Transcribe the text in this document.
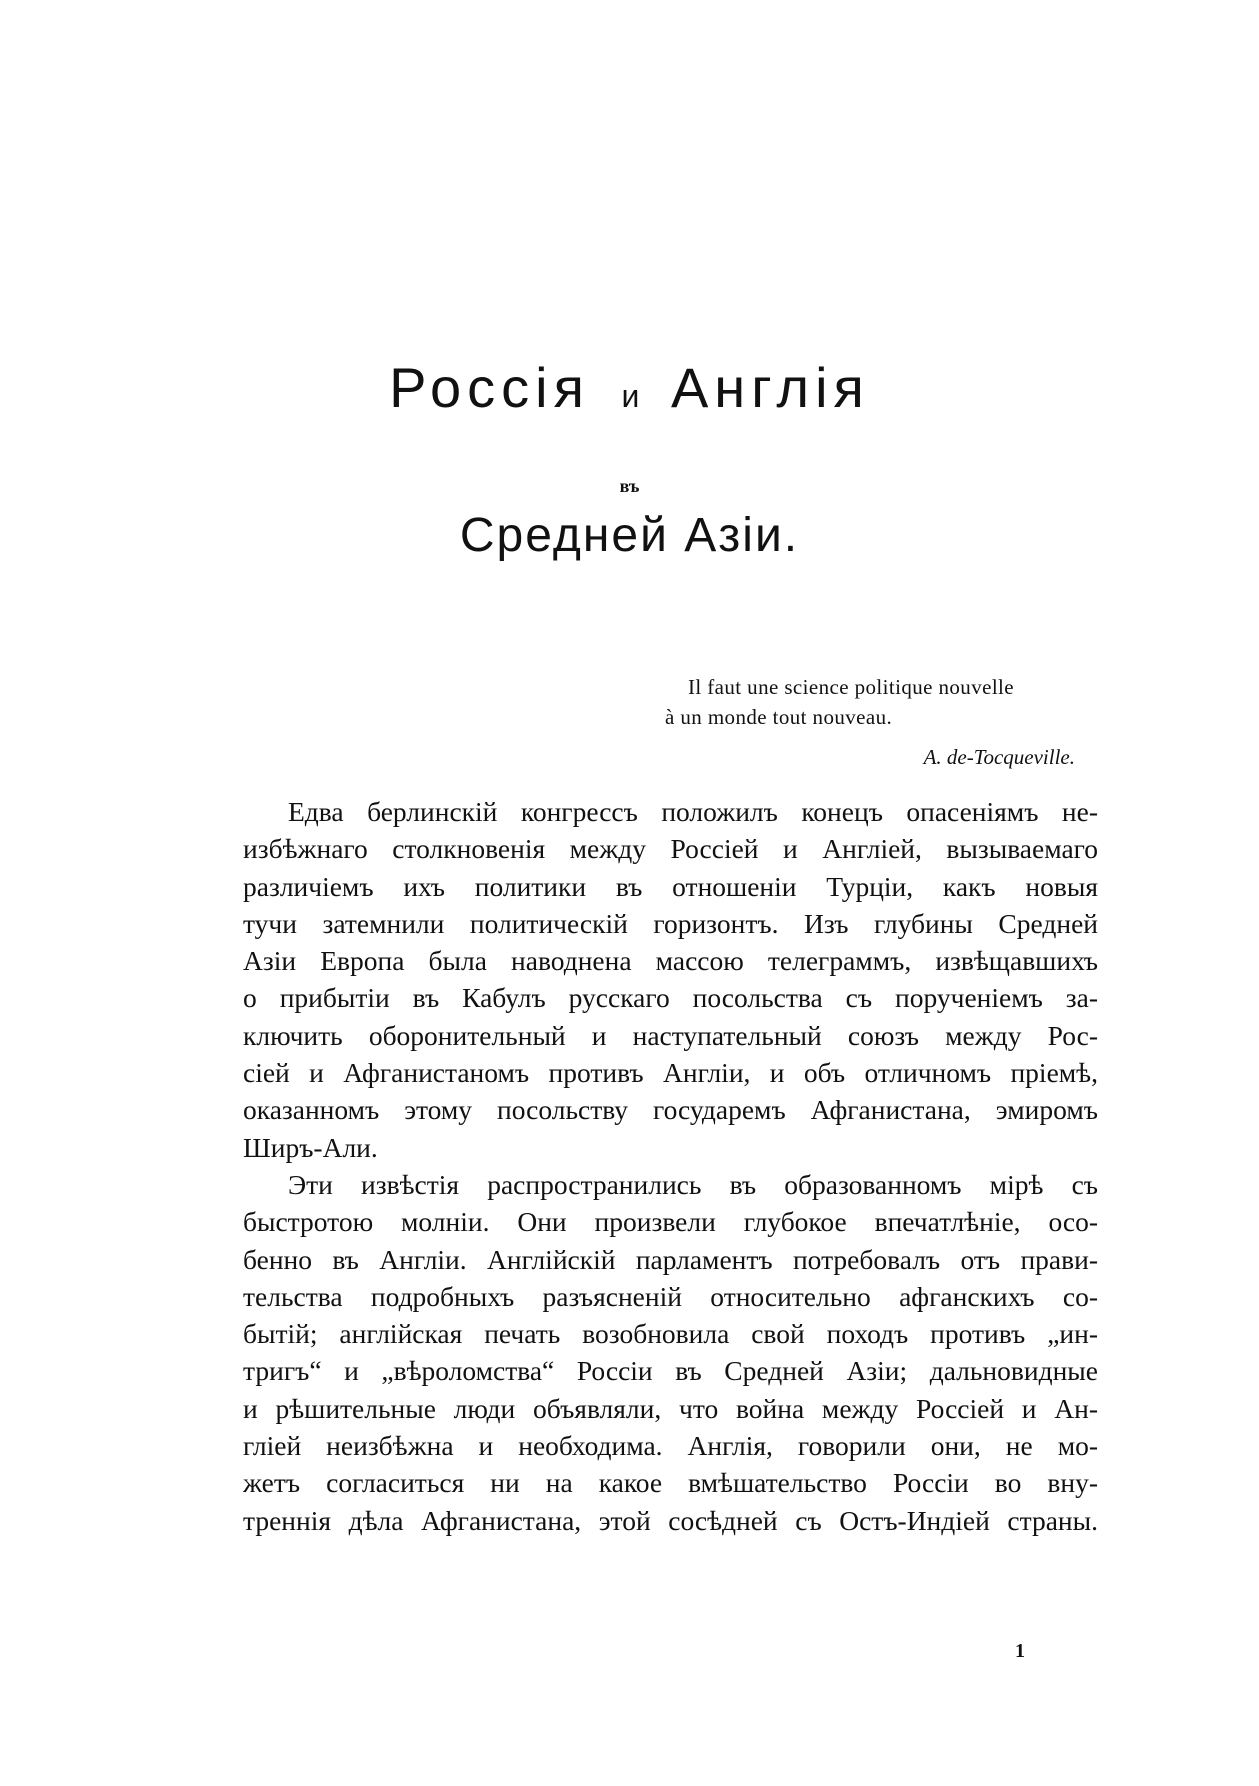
Россія и Англія
въ
Средней Азіи.
Il faut une science politique nouvelle
à un monde tout nouveau.
A. de-Tocqueville.
Едва берлинскій конгрессъ положилъ конецъ опасеніямъ не-
избѣжнаго столкновенія между Россіей и Англіей, вызываемаго
различіемъ ихъ политики въ отношеніи Турціи, какъ новыя
тучи затемнили политическій горизонтъ. Изъ глубины Средней
Азіи Европа была наводнена массою телеграммъ, извѣщавшихъ
о прибытіи въ Кабулъ русскаго посольства съ порученіемъ за-
ключить оборонительный и наступательный союзъ между Рос-
сіей и Афганистаномъ противъ Англіи, и объ отличномъ пріемѣ,
оказанномъ этому посольству государемъ Афганистана, эмиромъ
Ширъ-Али.
Эти извѣстія распространились въ образованномъ мірѣ съ
быстротою молніи. Они произвели глубокое впечатлѣніе, осо-
бенно въ Англіи. Англійскій парламентъ потребовалъ отъ прави-
тельства подробныхъ разъясненій относительно афганскихъ со-
бытій; англійская печать возобновила свой походъ противъ „ин-
тригъ“ и „вѣроломства“ Россіи въ Средней Азіи; дальновидные
и рѣшительные люди объявляли, что война между Россіей и Ан-
гліей неизбѣжна и необходима. Англія, говорили они, не мо-
жетъ согласиться ни на какое вмѣшательство Россіи во вну-
треннія дѣла Афганистана, этой сосѣдней съ Остъ-Индіей страны.
1
